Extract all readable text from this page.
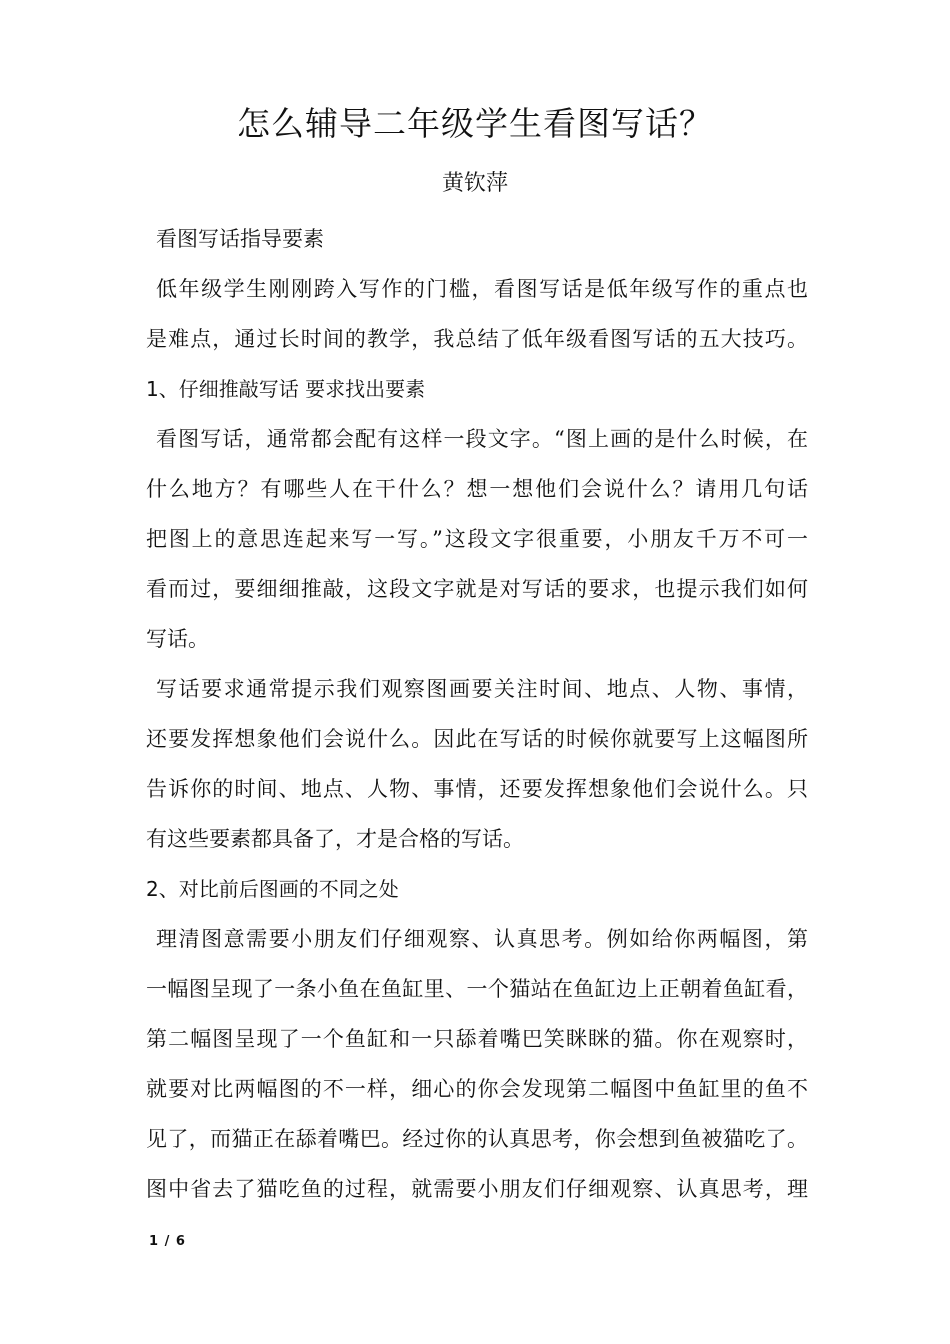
怎么辅导二年级学生看图写话？
黄钦萍
看图写话指导要素
低年级学生刚刚跨入写作的门槛，看图写话是低年级写作的重点也
是难点，通过长时间的教学，我总结了低年级看图写话的五大技巧。
1、仔细推敲写话 要求找出要素
看图写话，通常都会配有这样一段文字。“图上画的是什么时候，在
什么地方？有哪些人在干什么？想一想他们会说什么？请用几句话
把图上的意思连起来写一写。”这段文字很重要，小朋友千万不可一
看而过，要细细推敲，这段文字就是对写话的要求，也提示我们如何
写话。
写话要求通常提示我们观察图画要关注时间、地点、人物、事情，
还要发挥想象他们会说什么。因此在写话的时候你就要写上这幅图所
告诉你的时间、地点、人物、事情，还要发挥想象他们会说什么。只
有这些要素都具备了，才是合格的写话。
2、对比前后图画的不同之处
理清图意需要小朋友们仔细观察、认真思考。例如给你两幅图，第
一幅图呈现了一条小鱼在鱼缸里、一个猫站在鱼缸边上正朝着鱼缸看，
第二幅图呈现了一个鱼缸和一只舔着嘴巴笑眯眯的猫。你在观察时，
就要对比两幅图的不一样，细心的你会发现第二幅图中鱼缸里的鱼不
见了，而猫正在舔着嘴巴。经过你的认真思考，你会想到鱼被猫吃了。
图中省去了猫吃鱼的过程，就需要小朋友们仔细观察、认真思考，理
1 / 6
